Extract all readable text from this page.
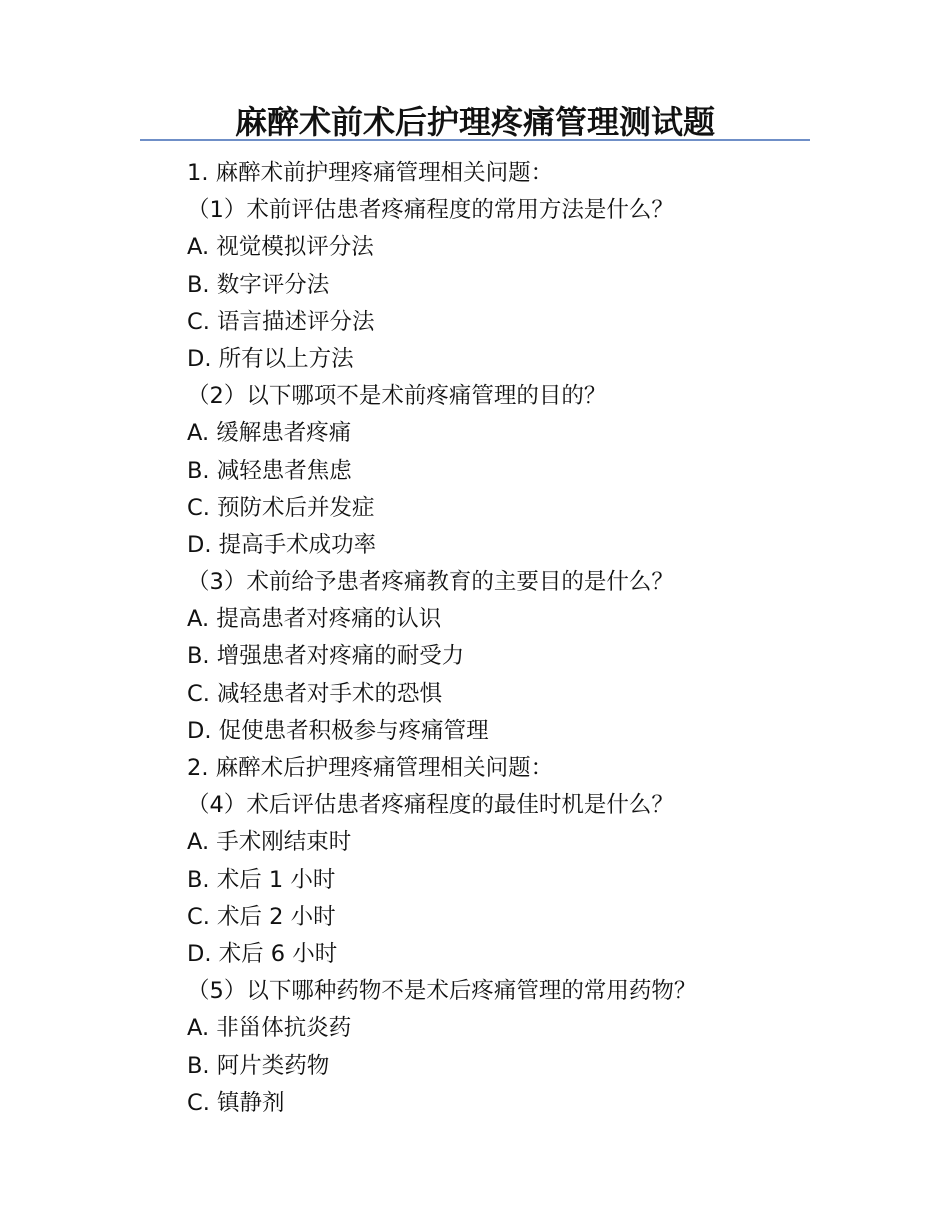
麻醉术前术后护理疼痛管理测试题
1. 麻醉术前护理疼痛管理相关问题：
（1）术前评估患者疼痛程度的常用方法是什么？
A. 视觉模拟评分法
B. 数字评分法
C. 语言描述评分法
D. 所有以上方法
（2）以下哪项不是术前疼痛管理的目的？
A. 缓解患者疼痛
B. 减轻患者焦虑
C. 预防术后并发症
D. 提高手术成功率
（3）术前给予患者疼痛教育的主要目的是什么？
A. 提高患者对疼痛的认识
B. 增强患者对疼痛的耐受力
C. 减轻患者对手术的恐惧
D. 促使患者积极参与疼痛管理
2. 麻醉术后护理疼痛管理相关问题：
（4）术后评估患者疼痛程度的最佳时机是什么？
A. 手术刚结束时
B. 术后 1 小时
C. 术后 2 小时
D. 术后 6 小时
（5）以下哪种药物不是术后疼痛管理的常用药物？
A. 非甾体抗炎药
B. 阿片类药物
C. 镇静剂
